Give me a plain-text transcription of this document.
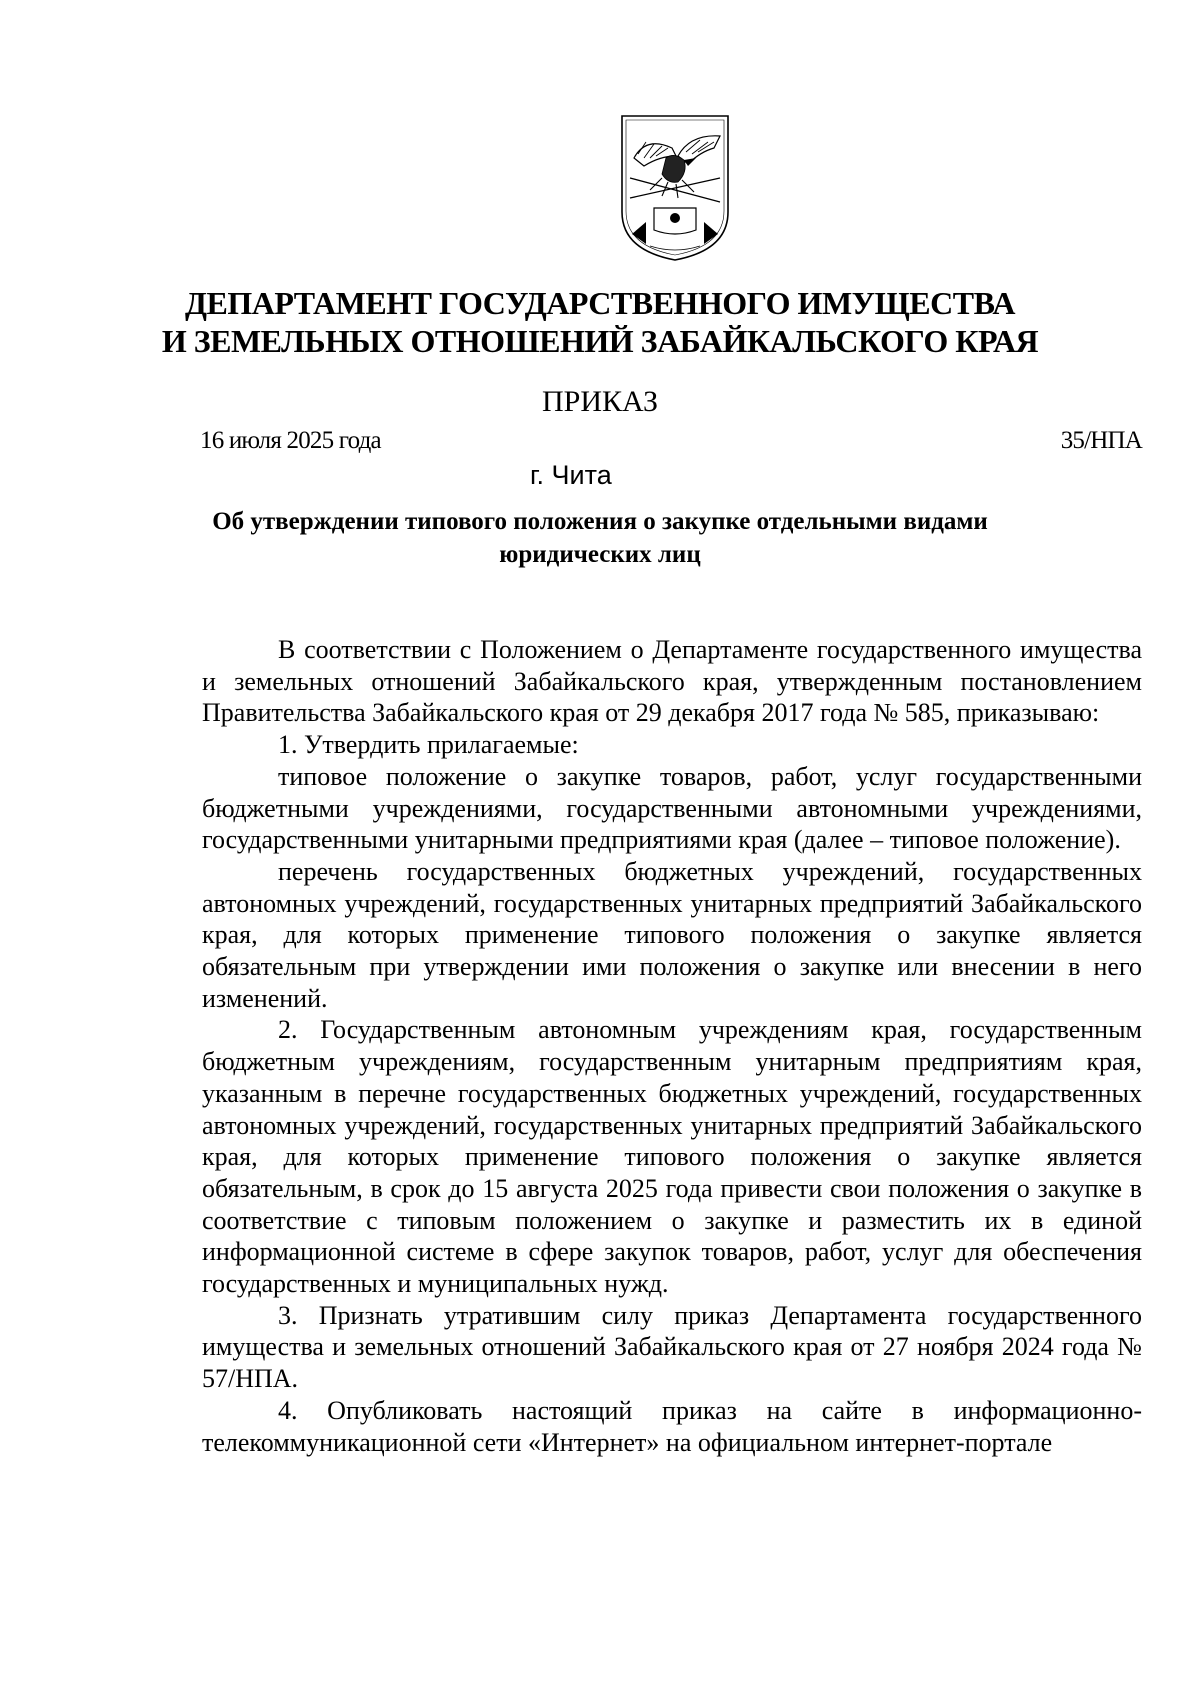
ДЕПАРТАМЕНТ ГОСУДАРСТВЕННОГО ИМУЩЕСТВА
И ЗЕМЕЛЬНЫХ ОТНОШЕНИЙ ЗАБАЙКАЛЬСКОГО КРАЯ
ПРИКАЗ
16 июля 2025 года	35/НПА
г. Чита
Об утверждении типового положения о закупке отдельными видами
юридических лиц

В соответствии с Положением о Департаменте государственного имущества и земельных отношений Забайкальского края, утвержденным постановлением Правительства Забайкальского края от 29 декабря 2017 года № 585, приказываю:

1. Утвердить прилагаемые:

типовое положение о закупке товаров, работ, услуг государственными бюджетными учреждениями, государственными автономными учреждениями, государственными унитарными предприятиями края (далее – типовое положение).

перечень государственных бюджетных учреждений, государственных автономных учреждений, государственных унитарных предприятий Забайкальского края, для которых применение типового положения о закупке является обязательным при утверждении ими положения о закупке или внесении в него изменений.

2. Государственным автономным учреждениям края, государственным бюджетным учреждениям, государственным унитарным предприятиям края, указанным в перечне государственных бюджетных учреждений, государственных автономных учреждений, государственных унитарных предприятий Забайкальского края, для которых применение типового положения о закупке является обязательным, в срок до 15 августа 2025 года привести свои положения о закупке в соответствие с типовым положением о закупке и разместить их в единой информационной системе в сфере закупок товаров, работ, услуг для обеспечения государственных и муниципальных нужд.

3. Признать утратившим силу приказ Департамента государственного имущества и земельных отношений Забайкальского края от 27 ноября 2024 года № 57/НПА.

4. Опубликовать настоящий приказ на сайте в информационно-телекоммуникационной сети «Интернет» на официальном интернет-портале
